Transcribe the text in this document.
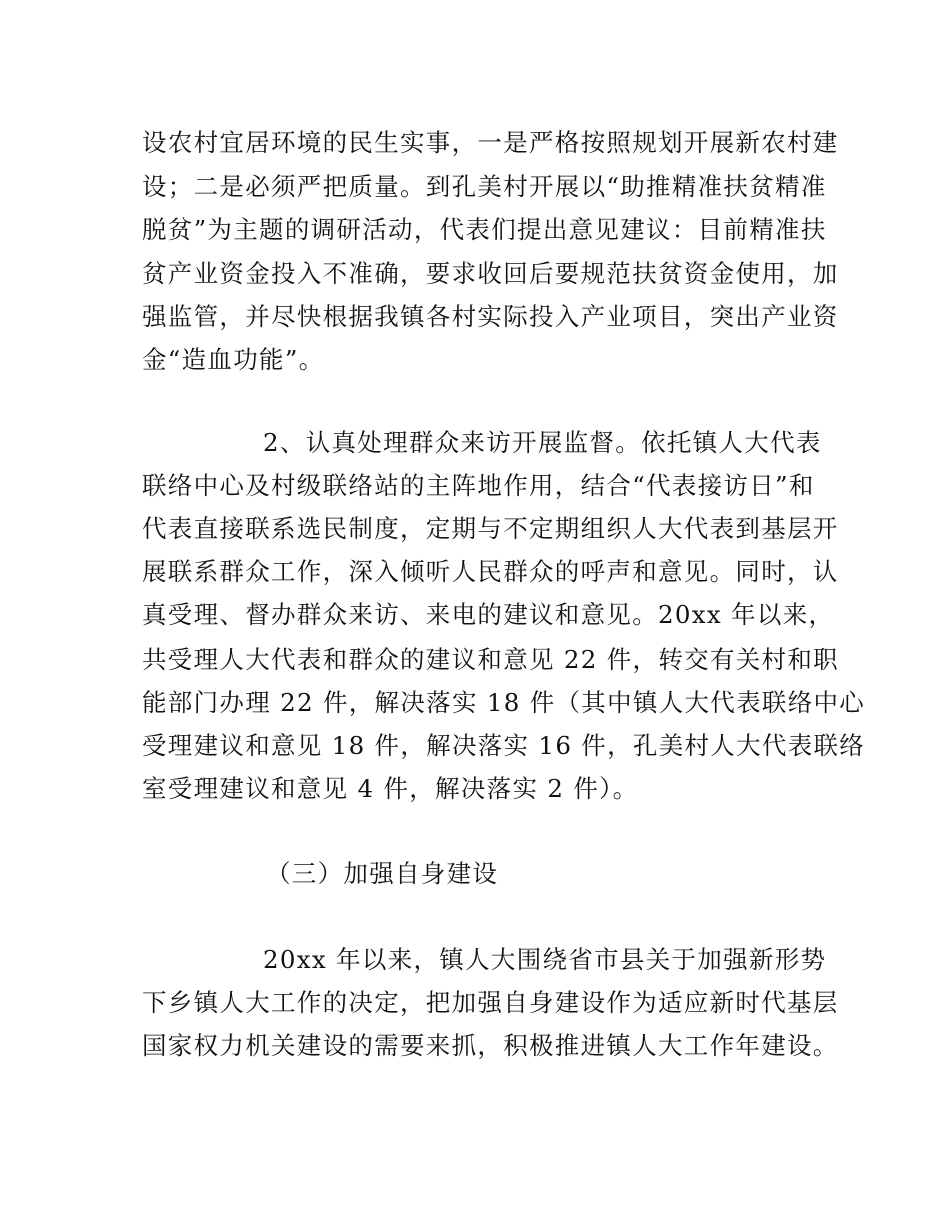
设农村宜居环境的民生实事，一是严格按照规划开展新农村建
设；二是必须严把质量。到孔美村开展以“助推精准扶贫精准
脱贫”为主题的调研活动，代表们提出意见建议：目前精准扶
贫产业资金投入不准确，要求收回后要规范扶贫资金使用，加
强监管，并尽快根据我镇各村实际投入产业项目，突出产业资
金“造血功能”。
2、认真处理群众来访开展监督。依托镇人大代表
联络中心及村级联络站的主阵地作用，结合“代表接访日”和
代表直接联系选民制度，定期与不定期组织人大代表到基层开
展联系群众工作，深入倾听人民群众的呼声和意见。同时，认
真受理、督办群众来访、来电的建议和意见。20xx 年以来，
共受理人大代表和群众的建议和意见 22 件，转交有关村和职
能部门办理 22 件，解决落实 18 件（其中镇人大代表联络中心
受理建议和意见 18 件，解决落实 16 件，孔美村人大代表联络
室受理建议和意见 4 件，解决落实 2 件）。
（三）加强自身建设
20xx 年以来，镇人大围绕省市县关于加强新形势
下乡镇人大工作的决定，把加强自身建设作为适应新时代基层
国家权力机关建设的需要来抓，积极推进镇人大工作年建设。
